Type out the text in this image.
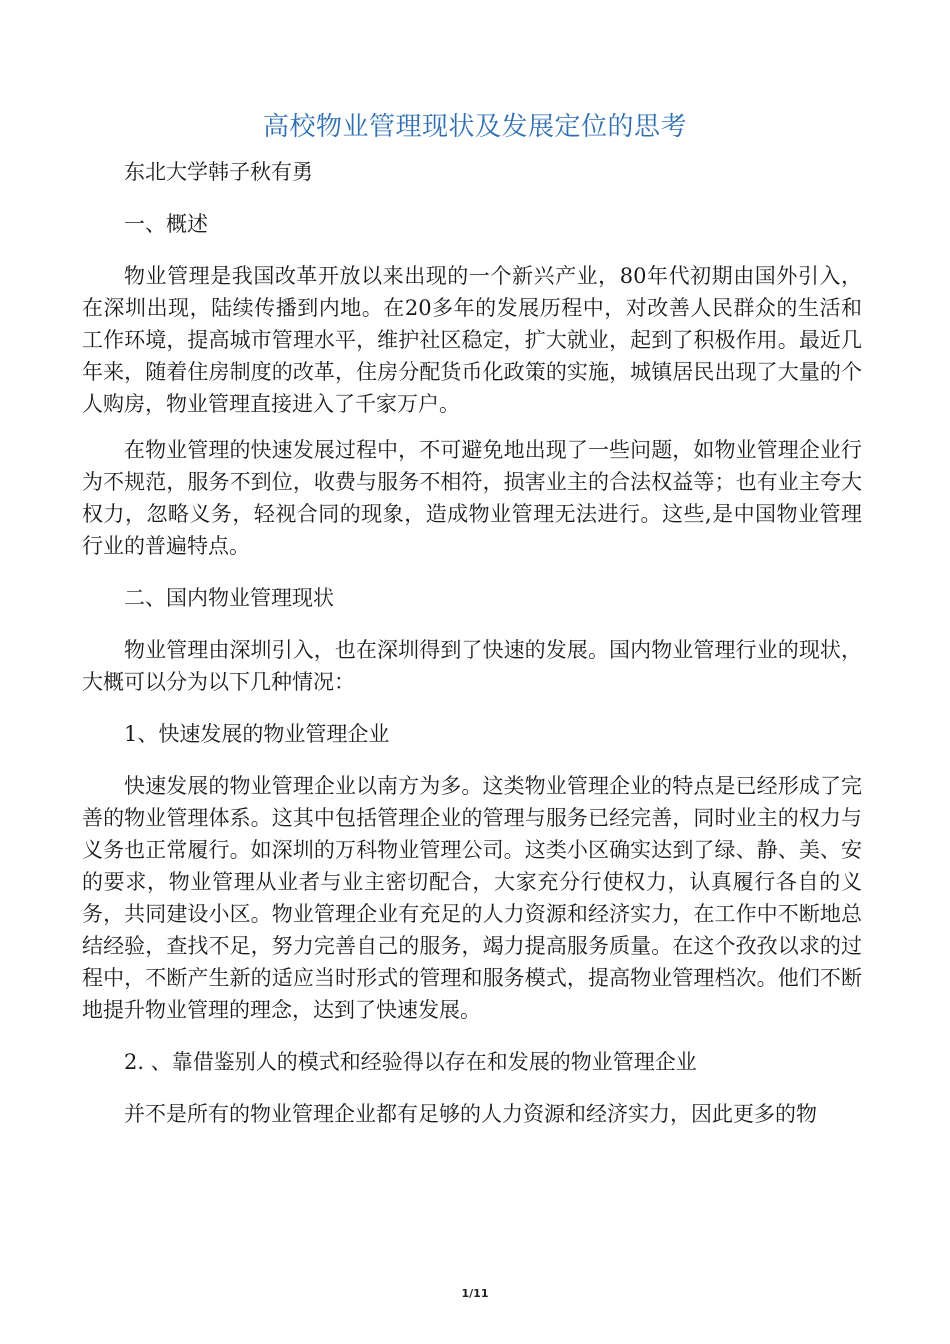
高校物业管理现状及发展定位的思考

东北大学韩子秋有勇

一、概述

物业管理是我国改革开放以来出现的一个新兴产业，80年代初期由国外引入，在深圳出现，陆续传播到内地。在20多年的发展历程中，对改善人民群众的生活和工作环境，提高城市管理水平，维护社区稳定，扩大就业，起到了积极作用。最近几年来，随着住房制度的改革，住房分配货币化政策的实施，城镇居民出现了大量的个人购房，物业管理直接进入了千家万户。

在物业管理的快速发展过程中，不可避免地出现了一些问题，如物业管理企业行为不规范，服务不到位，收费与服务不相符，损害业主的合法权益等；也有业主夸大权力，忽略义务，轻视合同的现象，造成物业管理无法进行。这些,是中国物业管理行业的普遍特点。

二、国内物业管理现状

物业管理由深圳引入，也在深圳得到了快速的发展。国内物业管理行业的现状，大概可以分为以下几种情况：

1、快速发展的物业管理企业

快速发展的物业管理企业以南方为多。这类物业管理企业的特点是已经形成了完善的物业管理体系。这其中包括管理企业的管理与服务已经完善，同时业主的权力与义务也正常履行。如深圳的万科物业管理公司。这类小区确实达到了绿、静、美、安的要求，物业管理从业者与业主密切配合，大家充分行使权力，认真履行各自的义务，共同建设小区。物业管理企业有充足的人力资源和经济实力，在工作中不断地总结经验，查找不足，努力完善自己的服务，竭力提高服务质量。在这个孜孜以求的过程中，不断产生新的适应当时形式的管理和服务模式，提高物业管理档次。他们不断地提升物业管理的理念，达到了快速发展。

2. 、靠借鉴别人的模式和经验得以存在和发展的物业管理企业

并不是所有的物业管理企业都有足够的人力资源和经济实力，因此更多的物

1/11
